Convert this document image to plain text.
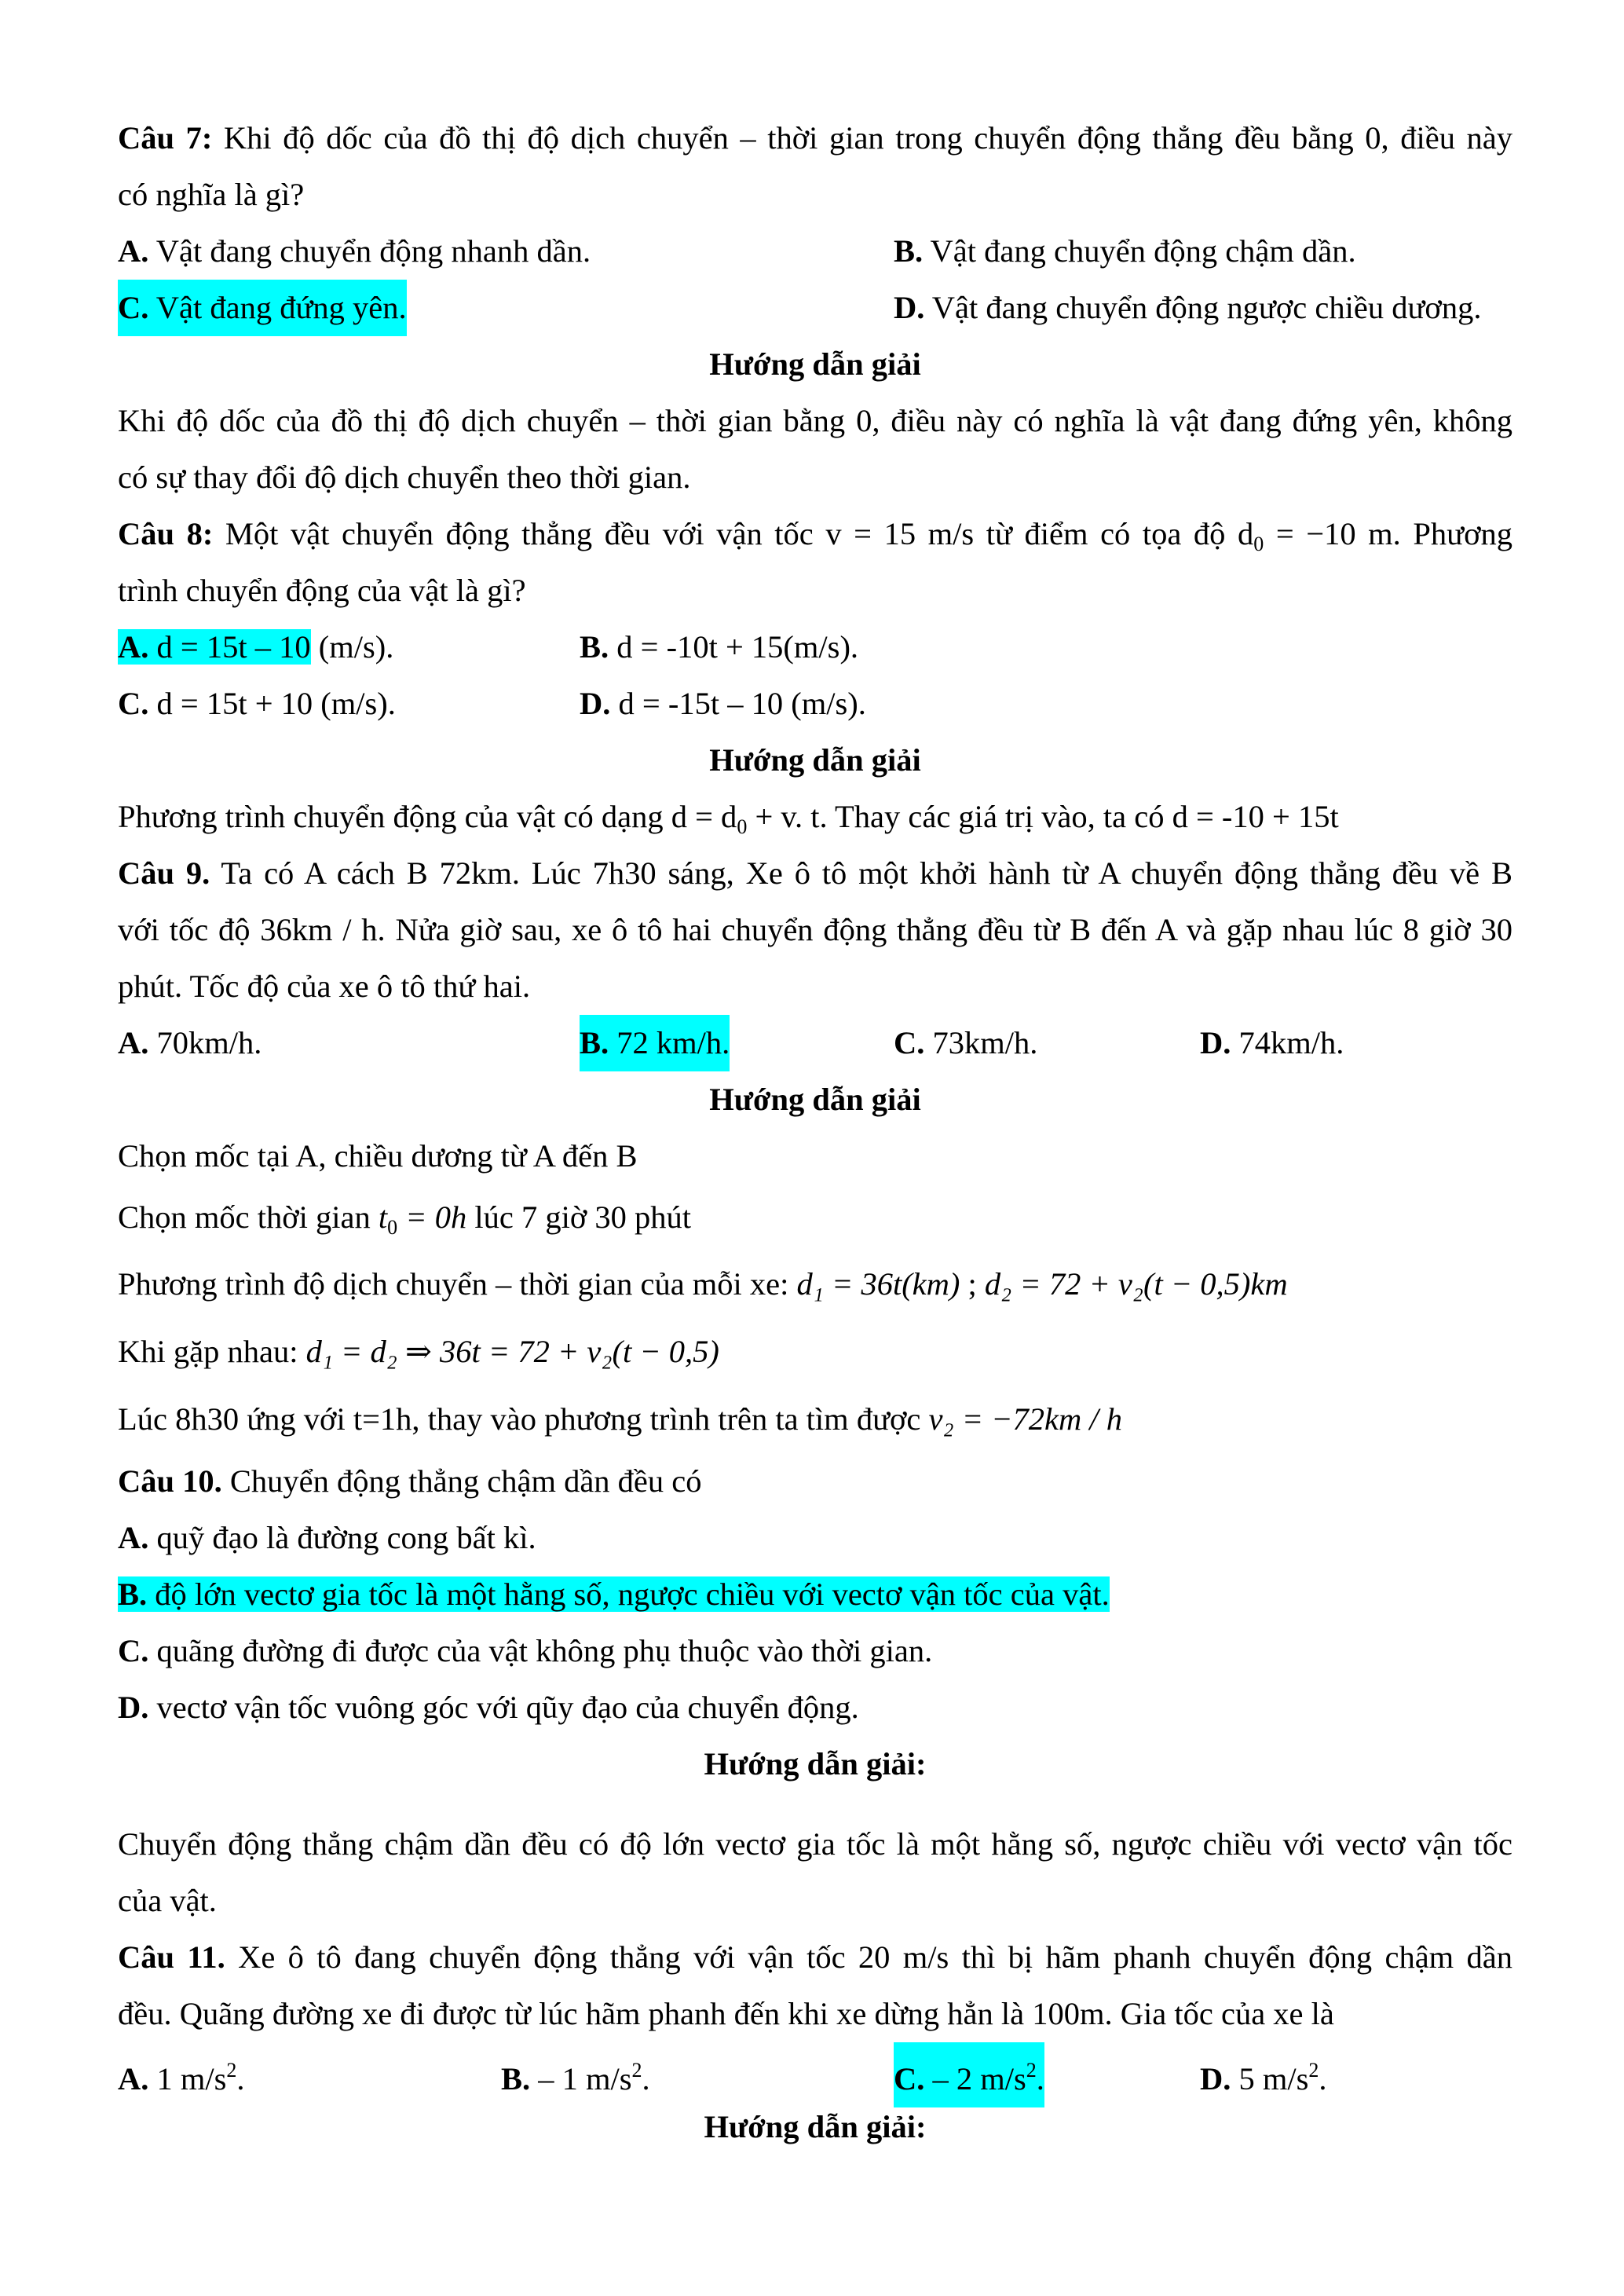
Câu 7: Khi độ dốc của đồ thị độ dịch chuyển – thời gian trong chuyển động thẳng đều bằng 0, điều này
có nghĩa là gì?
A. Vật đang chuyển động nhanh dần.	B. Vật đang chuyển động chậm dần.
C. Vật đang đứng yên.	D. Vật đang chuyển động ngược chiều dương.
Hướng dẫn giải
Khi độ dốc của đồ thị độ dịch chuyển – thời gian bằng 0, điều này có nghĩa là vật đang đứng yên, không
có sự thay đổi độ dịch chuyển theo thời gian.
Câu 8: Một vật chuyển động thẳng đều với vận tốc v = 15 m/s từ điểm có tọa độ $d_0 = -10$ m. Phương
trình chuyển động của vật là gì?
A. d = 15t – 10 (m/s).	B. d = -10t + 15(m/s).
C. d = 15t + 10 (m/s).	D. d = -15t – 10 (m/s).
Hướng dẫn giải
Phương trình chuyển động của vật có dạng $d = d_0 + v$. t. Thay các giá trị vào, ta có d = -10 + 15t
Câu 9. Ta có A cách B 72km. Lúc 7h30 sáng, Xe ô tô một khởi hành từ A chuyển động thẳng đều về B
với tốc độ 36km / h. Nửa giờ sau, xe ô tô hai chuyển động thẳng đều từ B đến A và gặp nhau lúc 8 giờ 30
phút. Tốc độ của xe ô tô thứ hai.
A. 70km/h.	B. 72 km/h.	C. 73km/h.	D. 74km/h.
Hướng dẫn giải
Chọn mốc tại A, chiều dương từ A đến B
Chọn mốc thời gian $t_0 = 0h$ lúc 7 giờ 30 phút
Phương trình độ dịch chuyển – thời gian của mỗi xe: d₁ = 36t(km) ; d₂ = 72 + v₂(t − 0,5)km
Khi gặp nhau: d₁ = d₂ ⇒ 36t = 72 + v₂(t − 0,5)
Lúc 8h30 ứng với t=1h, thay vào phương trình trên ta tìm được v₂ = −72km / h
Câu 10. Chuyển động thẳng chậm dần đều có
A. quỹ đạo là đường cong bất kì.
B. độ lớn vectơ gia tốc là một hằng số, ngược chiều với vectơ vận tốc của vật.
C. quãng đường đi được của vật không phụ thuộc vào thời gian.
D. vectơ vận tốc vuông góc với qũy đạo của chuyển động.
Hướng dẫn giải:
Chuyển động thẳng chậm dần đều có độ lớn vectơ gia tốc là một hằng số, ngược chiều với vectơ vận tốc
của vật.
Câu 11. Xe ô tô đang chuyển động thẳng với vận tốc 20 m/s thì bị hãm phanh chuyển động chậm dần
đều. Quãng đường xe đi được từ lúc hãm phanh đến khi xe dừng hẳn là 100m. Gia tốc của xe là
A. 1 $m/s^2$.	B. – 1 $m/s^2$.	C. – 2 $m/s^2$.	D. 5 $m/s^2$.
Hướng dẫn giải:
